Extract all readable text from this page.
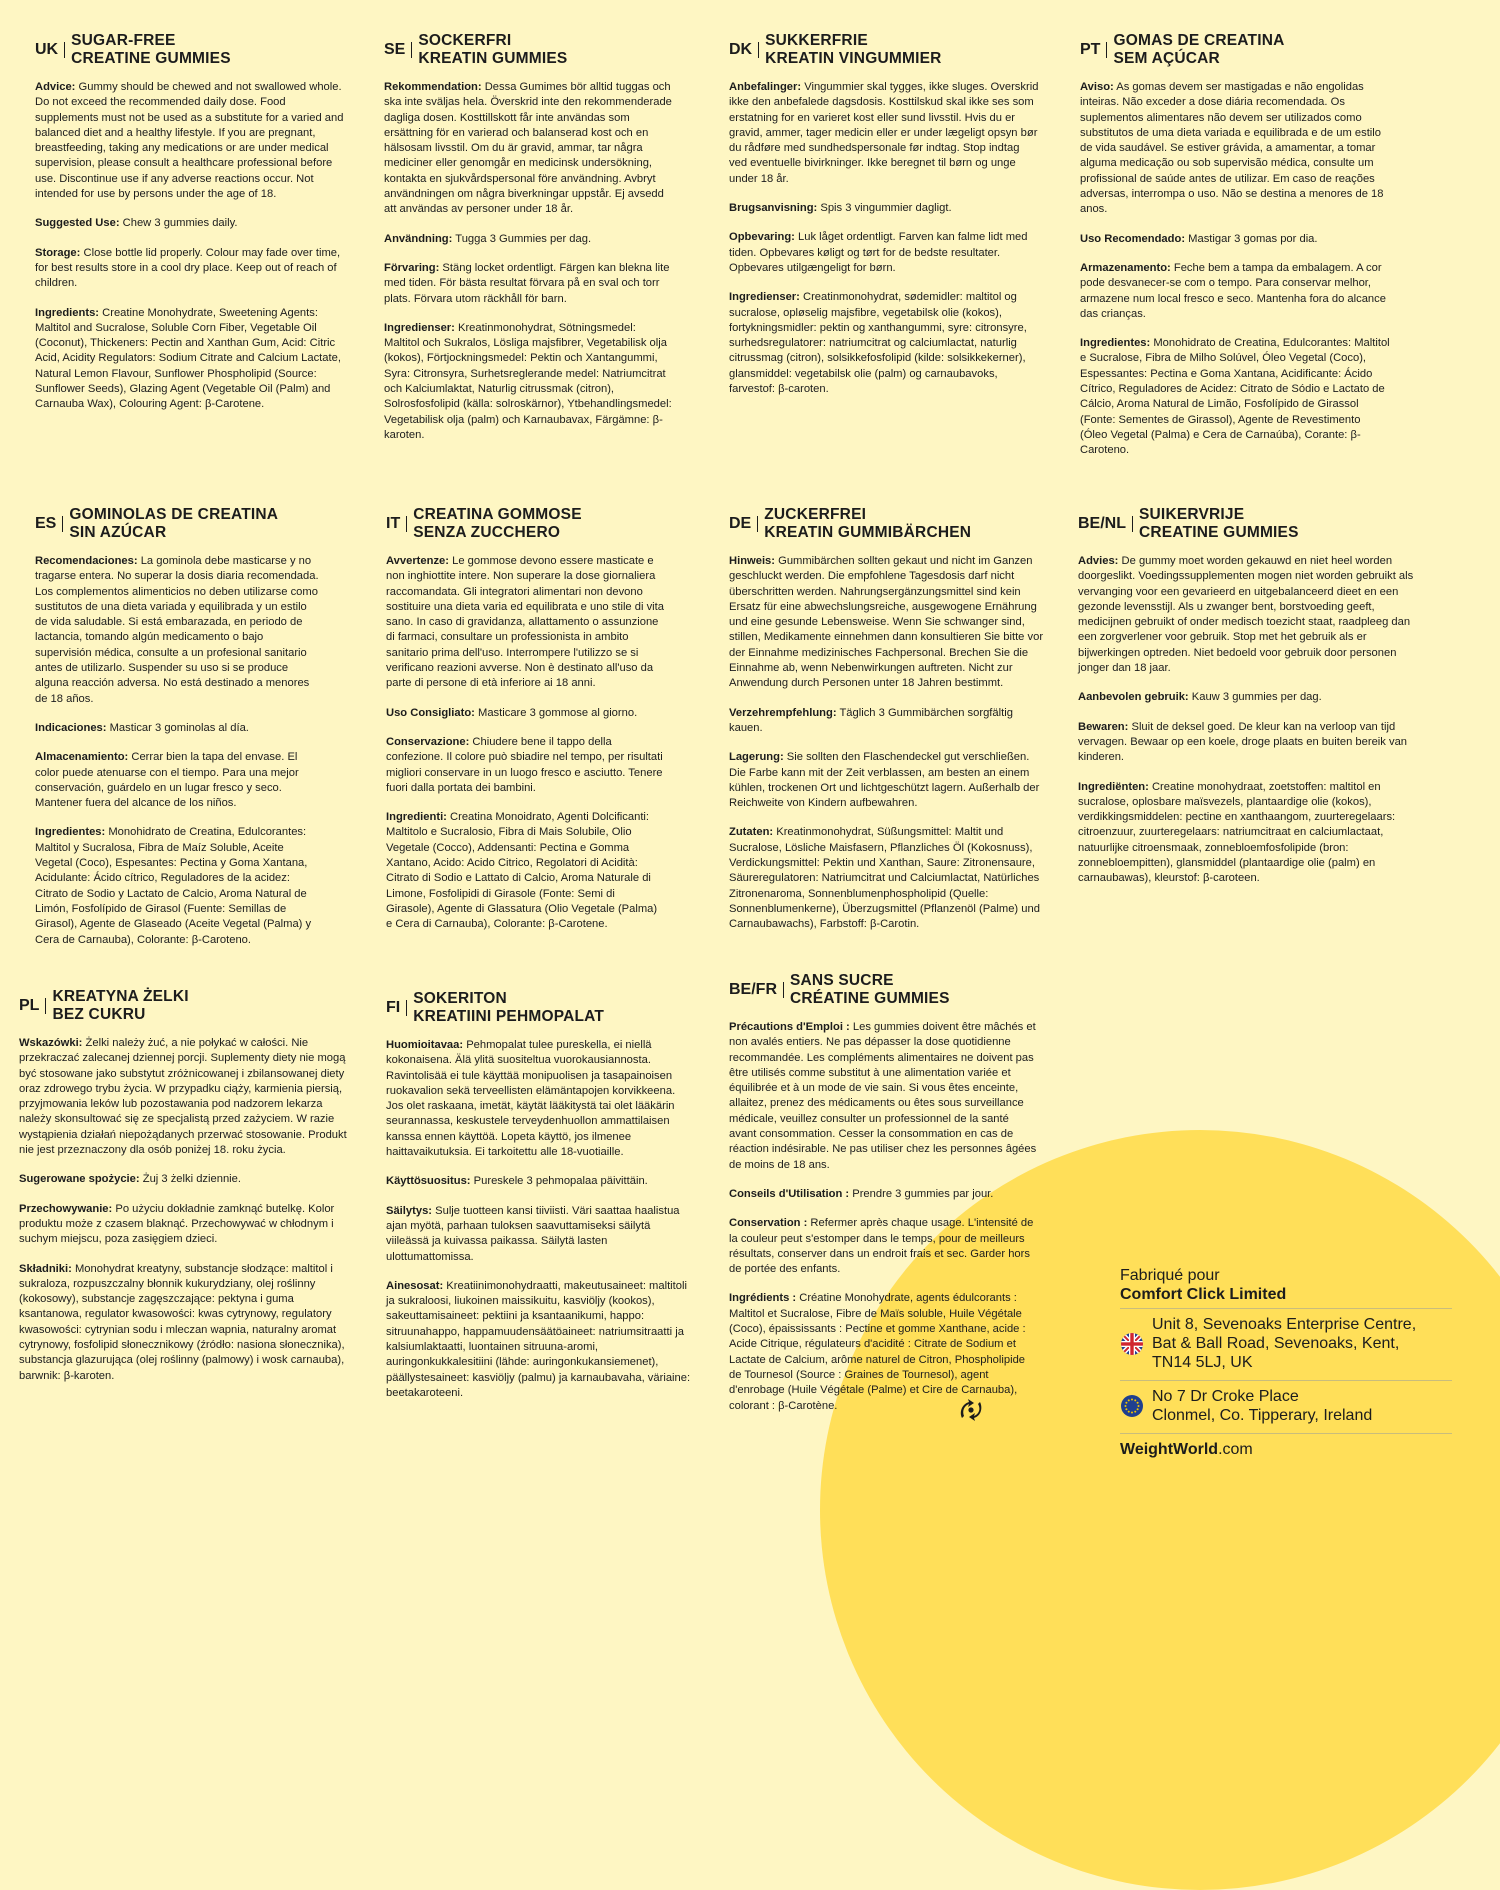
UK
SUGAR-FREE
CREATINE GUMMIES

Advice: Gummy should be chewed and not swallowed whole. Do not exceed the recommended daily dose. Food supplements must not be used as a substitute for a varied and balanced diet and a healthy lifestyle. If you are pregnant, breastfeeding, taking any medications or are under medical supervision, please consult a healthcare professional before use. Discontinue use if any adverse reactions occur. Not intended for use by persons under the age of 18.

Suggested Use: Chew 3 gummies daily.

Storage: Close bottle lid properly. Colour may fade over time, for best results store in a cool dry place. Keep out of reach of children.

Ingredients: Creatine Monohydrate, Sweetening Agents: Maltitol and Sucralose, Soluble Corn Fiber, Vegetable Oil (Coconut), Thickeners: Pectin and Xanthan Gum, Acid: Citric Acid, Acidity Regulators: Sodium Citrate and Calcium Lactate, Natural Lemon Flavour, Sunflower Phospholipid (Source: Sunflower Seeds), Glazing Agent (Vegetable Oil (Palm) and Carnauba Wax), Colouring Agent: β-Carotene.

SE
SOCKERFRI
KREATIN GUMMIES

Rekommendation: Dessa Gumimes bör alltid tuggas och ska inte sväljas hela. Överskrid inte den rekommenderade dagliga dosen. Kosttillskott får inte användas som ersättning för en varierad och balanserad kost och en hälsosam livsstil. Om du är gravid, ammar, tar några mediciner eller genomgår en medicinsk undersökning, kontakta en sjukvårdspersonal före användning. Avbryt användningen om några biverkningar uppstår. Ej avsedd att användas av personer under 18 år.

Användning: Tugga 3 Gummies per dag.

Förvaring: Stäng locket ordentligt. Färgen kan blekna lite med tiden. För bästa resultat förvara på en sval och torr plats. Förvara utom räckhåll för barn.

Ingredienser: Kreatinmonohydrat, Sötningsmedel: Maltitol och Sukralos, Lösliga majsfibrer, Vegetabilisk olja (kokos), Förtjockningsmedel: Pektin och Xantangummi, Syra: Citronsyra, Surhetsreglerande medel: Natriumcitrat och Kalciumlaktat, Naturlig citrussmak (citron), Solrosfosfolipid (källa: solroskärnor), Ytbehandlingsmedel: Vegetabilisk olja (palm) och Karnaubavax, Färgämne: β-karoten.

DK
SUKKERFRIE
KREATIN VINGUMMIER

Anbefalinger: Vingummier skal tygges, ikke sluges. Overskrid ikke den anbefalede dagsdosis. Kosttilskud skal ikke ses som erstatning for en varieret kost eller sund livsstil. Hvis du er gravid, ammer, tager medicin eller er under lægeligt opsyn bør du rådføre med sundhedspersonale før indtag. Stop indtag ved eventuelle bivirkninger. Ikke beregnet til børn og unge under 18 år.

Brugsanvisning: Spis 3 vingummier dagligt.

Opbevaring: Luk låget ordentligt. Farven kan falme lidt med tiden. Opbevares køligt og tørt for de bedste resultater. Opbevares utilgængeligt for børn.

Ingredienser: Creatinmonohydrat, sødemidler: maltitol og sucralose, opløselig majsfibre, vegetabilsk olie (kokos), fortykningsmidler: pektin og xanthangummi, syre: citronsyre, surhedsregulatorer: natriumcitrat og calciumlactat, naturlig citrussmag (citron), solsikkefosfolipid (kilde: solsikkekerner), glansmiddel: vegetabilsk olie (palm) og carnaubavoks, farvestof: β-caroten.

PT
GOMAS DE CREATINA
SEM AÇÚCAR

Aviso: As gomas devem ser mastigadas e não engolidas inteiras. Não exceder a dose diária recomendada. Os suplementos alimentares não devem ser utilizados como substitutos de uma dieta variada e equilibrada e de um estilo de vida saudável. Se estiver grávida, a amamentar, a tomar alguma medicação ou sob supervisão médica, consulte um profissional de saúde antes de utilizar. Em caso de reações adversas, interrompa o uso. Não se destina a menores de 18 anos.

Uso Recomendado: Mastigar 3 gomas por dia.

Armazenamento: Feche bem a tampa da embalagem. A cor pode desvanecer-se com o tempo. Para conservar melhor, armazene num local fresco e seco. Mantenha fora do alcance das crianças.

Ingredientes: Monohidrato de Creatina, Edulcorantes: Maltitol e Sucralose, Fibra de Milho Solúvel, Óleo Vegetal (Coco), Espessantes: Pectina e Goma Xantana, Acidificante: Ácido Cítrico, Reguladores de Acidez: Citrato de Sódio e Lactato de Cálcio, Aroma Natural de Limão, Fosfolípido de Girassol (Fonte: Sementes de Girassol), Agente de Revestimento (Óleo Vegetal (Palma) e Cera de Carnaúba), Corante: β-Caroteno.

ES
GOMINOLAS DE CREATINA
SIN AZÚCAR

Recomendaciones: La gominola debe masticarse y no tragarse entera. No superar la dosis diaria recomendada. Los complementos alimenticios no deben utilizarse como sustitutos de una dieta variada y equilibrada y un estilo de vida saludable. Si está embarazada, en periodo de lactancia, tomando algún medicamento o bajo supervisión médica, consulte a un profesional sanitario antes de utilizarlo. Suspender su uso si se produce alguna reacción adversa. No está destinado a menores de 18 años.

Indicaciones: Masticar 3 gominolas al día.

Almacenamiento: Cerrar bien la tapa del envase. El color puede atenuarse con el tiempo. Para una mejor conservación, guárdelo en un lugar fresco y seco. Mantener fuera del alcance de los niños.

Ingredientes: Monohidrato de Creatina, Edulcorantes: Maltitol y Sucralosa, Fibra de Maíz Soluble, Aceite Vegetal (Coco), Espesantes: Pectina y Goma Xantana, Acidulante: Ácido cítrico, Reguladores de la acidez: Citrato de Sodio y Lactato de Calcio, Aroma Natural de Limón, Fosfolípido de Girasol (Fuente: Semillas de Girasol), Agente de Glaseado (Aceite Vegetal (Palma) y Cera de Carnauba), Colorante: β-Caroteno.

IT
CREATINA GOMMOSE
SENZA ZUCCHERO

Avvertenze: Le gommose devono essere masticate e non inghiottite intere. Non superare la dose giornaliera raccomandata. Gli integratori alimentari non devono sostituire una dieta varia ed equilibrata e uno stile di vita sano. In caso di gravidanza, allattamento o assunzione di farmaci, consultare un professionista in ambito sanitario prima dell'uso. Interrompere l'utilizzo se si verificano reazioni avverse. Non è destinato all'uso da parte di persone di età inferiore ai 18 anni.

Uso Consigliato: Masticare 3 gommose al giorno.

Conservazione: Chiudere bene il tappo della confezione. Il colore può sbiadire nel tempo, per risultati migliori conservare in un luogo fresco e asciutto. Tenere fuori dalla portata dei bambini.

Ingredienti: Creatina Monoidrato, Agenti Dolcificanti: Maltitolo e Sucralosio, Fibra di Mais Solubile, Olio Vegetale (Cocco), Addensanti: Pectina e Gomma Xantano, Acido: Acido Citrico, Regolatori di Acidità: Citrato di Sodio e Lattato di Calcio, Aroma Naturale di Limone, Fosfolipidi di Girasole (Fonte: Semi di Girasole), Agente di Glassatura (Olio Vegetale (Palma) e Cera di Carnauba), Colorante: β-Carotene.

DE
ZUCKERFREI
KREATIN GUMMIBÄRCHEN

Hinweis: Gummibärchen sollten gekaut und nicht im Ganzen geschluckt werden. Die empfohlene Tagesdosis darf nicht überschritten werden. Nahrungsergänzungsmittel sind kein Ersatz für eine abwechslungsreiche, ausgewogene Ernährung und eine gesunde Lebensweise. Wenn Sie schwanger sind, stillen, Medikamente einnehmen dann konsultieren Sie bitte vor der Einnahme medizinisches Fachpersonal. Brechen Sie die Einnahme ab, wenn Nebenwirkungen auftreten. Nicht zur Anwendung durch Personen unter 18 Jahren bestimmt.

Verzehrempfehlung: Täglich 3 Gummibärchen sorgfältig kauen.

Lagerung: Sie sollten den Flaschendeckel gut verschließen. Die Farbe kann mit der Zeit verblassen, am besten an einem kühlen, trockenen Ort und lichtgeschützt lagern. Außerhalb der Reichweite von Kindern aufbewahren.

Zutaten: Kreatinmonohydrat, Süßungsmittel: Maltit und Sucralose, Lösliche Maisfasern, Pflanzliches Öl (Kokosnuss), Verdickungsmittel: Pektin und Xanthan, Saure: Zitronensaure, Säureregulatoren: Natriumcitrat und Calciumlactat, Natürliches Zitronenaroma, Sonnenblumenphospholipid (Quelle: Sonnenblumenkerne), Überzugsmittel (Pflanzenöl (Palme) und Carnaubawachs), Farbstoff: β-Carotin.

BE/NL
SUIKERVRIJE
CREATINE GUMMIES

Advies: De gummy moet worden gekauwd en niet heel worden doorgeslikt. Voedingssupplementen mogen niet worden gebruikt als vervanging voor een gevarieerd en uitgebalanceerd dieet en een gezonde levensstijl. Als u zwanger bent, borstvoeding geeft, medicijnen gebruikt of onder medisch toezicht staat, raadpleeg dan een zorgverlener voor gebruik. Stop met het gebruik als er bijwerkingen optreden. Niet bedoeld voor gebruik door personen jonger dan 18 jaar.

Aanbevolen gebruik: Kauw 3 gummies per dag.

Bewaren: Sluit de deksel goed. De kleur kan na verloop van tijd vervagen. Bewaar op een koele, droge plaats en buiten bereik van kinderen.

Ingrediënten: Creatine monohydraat, zoetstoffen: maltitol en sucralose, oplosbare maïsvezels, plantaardige olie (kokos), verdikkingsmiddelen: pectine en xanthaangom, zuurteregelaars: citroenzuur, zuurteregelaars: natriumcitraat en calciumlactaat, natuurlijke citroensmaak, zonnebloemfosfolipide (bron: zonnebloempitten), glansmiddel (plantaardige olie (palm) en carnaubawas), kleurstof: β-caroteen.

PL
KREATYNA ŻELKI
BEZ CUKRU

Wskazówki: Żelki należy żuć, a nie połykać w całości. Nie przekraczać zalecanej dziennej porcji. Suplementy diety nie mogą być stosowane jako substytut zróżnicowanej i zbilansowanej diety oraz zdrowego trybu życia. W przypadku ciąży, karmienia piersią, przyjmowania leków lub pozostawania pod nadzorem lekarza należy skonsultować się ze specjalistą przed zażyciem. W razie wystąpienia działań niepożądanych przerwać stosowanie. Produkt nie jest przeznaczony dla osób poniżej 18. roku życia.

Sugerowane spożycie: Żuj 3 żelki dziennie.

Przechowywanie: Po użyciu dokładnie zamknąć butelkę. Kolor produktu może z czasem blaknąć. Przechowywać w chłodnym i suchym miejscu, poza zasięgiem dzieci.

Składniki: Monohydrat kreatyny, substancje słodzące: maltitol i sukraloza, rozpuszczalny błonnik kukurydziany, olej roślinny (kokosowy), substancje zagęszczające: pektyna i guma ksantanowa, regulator kwasowości: kwas cytrynowy, regulatory kwasowości: cytrynian sodu i mleczan wapnia, naturalny aromat cytrynowy, fosfolipid słonecznikowy (źródło: nasiona słonecznika), substancja glazurująca (olej roślinny (palmowy) i wosk carnauba), barwnik: β-karoten.

FI
SOKERITON
KREATIINI PEHMOPALAT

Huomioitavaa: Pehmopalat tulee pureskella, ei niellä kokonaisena. Älä ylitä suositeltua vuorokausiannosta. Ravintolisää ei tule käyttää monipuolisen ja tasapainoisen ruokavalion sekä terveellisten elämäntapojen korvikkeena. Jos olet raskaana, imetät, käytät lääkitystä tai olet lääkärin seurannassa, keskustele terveydenhuollon ammattilaisen kanssa ennen käyttöä. Lopeta käyttö, jos ilmenee haittavaikutuksia. Ei tarkoitettu alle 18-vuotiaille.

Käyttösuositus: Pureskele 3 pehmopalaa päivittäin.

Säilytys: Sulje tuotteen kansi tiiviisti. Väri saattaa haalistua ajan myötä, parhaan tuloksen saavuttamiseksi säilytä viileässä ja kuivassa paikassa. Säilytä lasten ulottumattomissa.

Ainesosat: Kreatiinimonohydraatti, makeutusaineet: maltitoli ja sukraloosi, liukoinen maissikuitu, kasviöljy (kookos), sakeuttamisaineet: pektiini ja ksantaanikumi, happo: sitruunahappo, happamuudensäätöaineet: natriumsitraatti ja kalsiumlaktaatti, luontainen sitruuna-aromi, auringonkukkalesitiini (lähde: auringonkukansiemenet), päällystesaineet: kasviöljy (palmu) ja karnaubavaha, väriaine: beetakaroteeni.

BE/FR
SANS SUCRE
CRÉATINE GUMMIES

Précautions d'Emploi : Les gummies doivent être mâchés et non avalés entiers. Ne pas dépasser la dose quotidienne recommandée. Les compléments alimentaires ne doivent pas être utilisés comme substitut à une alimentation variée et équilibrée et à un mode de vie sain. Si vous êtes enceinte, allaitez, prenez des médicaments ou êtes sous surveillance médicale, veuillez consulter un professionnel de la santé avant consommation. Cesser la consommation en cas de réaction indésirable. Ne pas utiliser chez les personnes âgées de moins de 18 ans.

Conseils d'Utilisation : Prendre 3 gummies par jour.

Conservation : Refermer après chaque usage. L'intensité de la couleur peut s'estomper dans le temps, pour de meilleurs résultats, conserver dans un endroit frais et sec. Garder hors de portée des enfants.

Ingrédients : Créatine Monohydrate, agents édulcorants : Maltitol et Sucralose, Fibre de Maïs soluble, Huile Végétale (Coco), épaississants : Pectine et gomme Xanthane, acide : Acide Citrique, régulateurs d'acidité : Citrate de Sodium et Lactate de Calcium, arôme naturel de Citron, Phospholipide de Tournesol (Source : Graines de Tournesol), agent d'enrobage (Huile Végétale (Palme) et Cire de Carnauba), colorant : β-Carotène.

Fabriqué pour
Comfort Click Limited
Unit 8, Sevenoaks Enterprise Centre,
Bat & Ball Road, Sevenoaks, Kent,
TN14 5LJ, UK
No 7 Dr Croke Place
Clonmel, Co. Tipperary, Ireland
WeightWorld.com
